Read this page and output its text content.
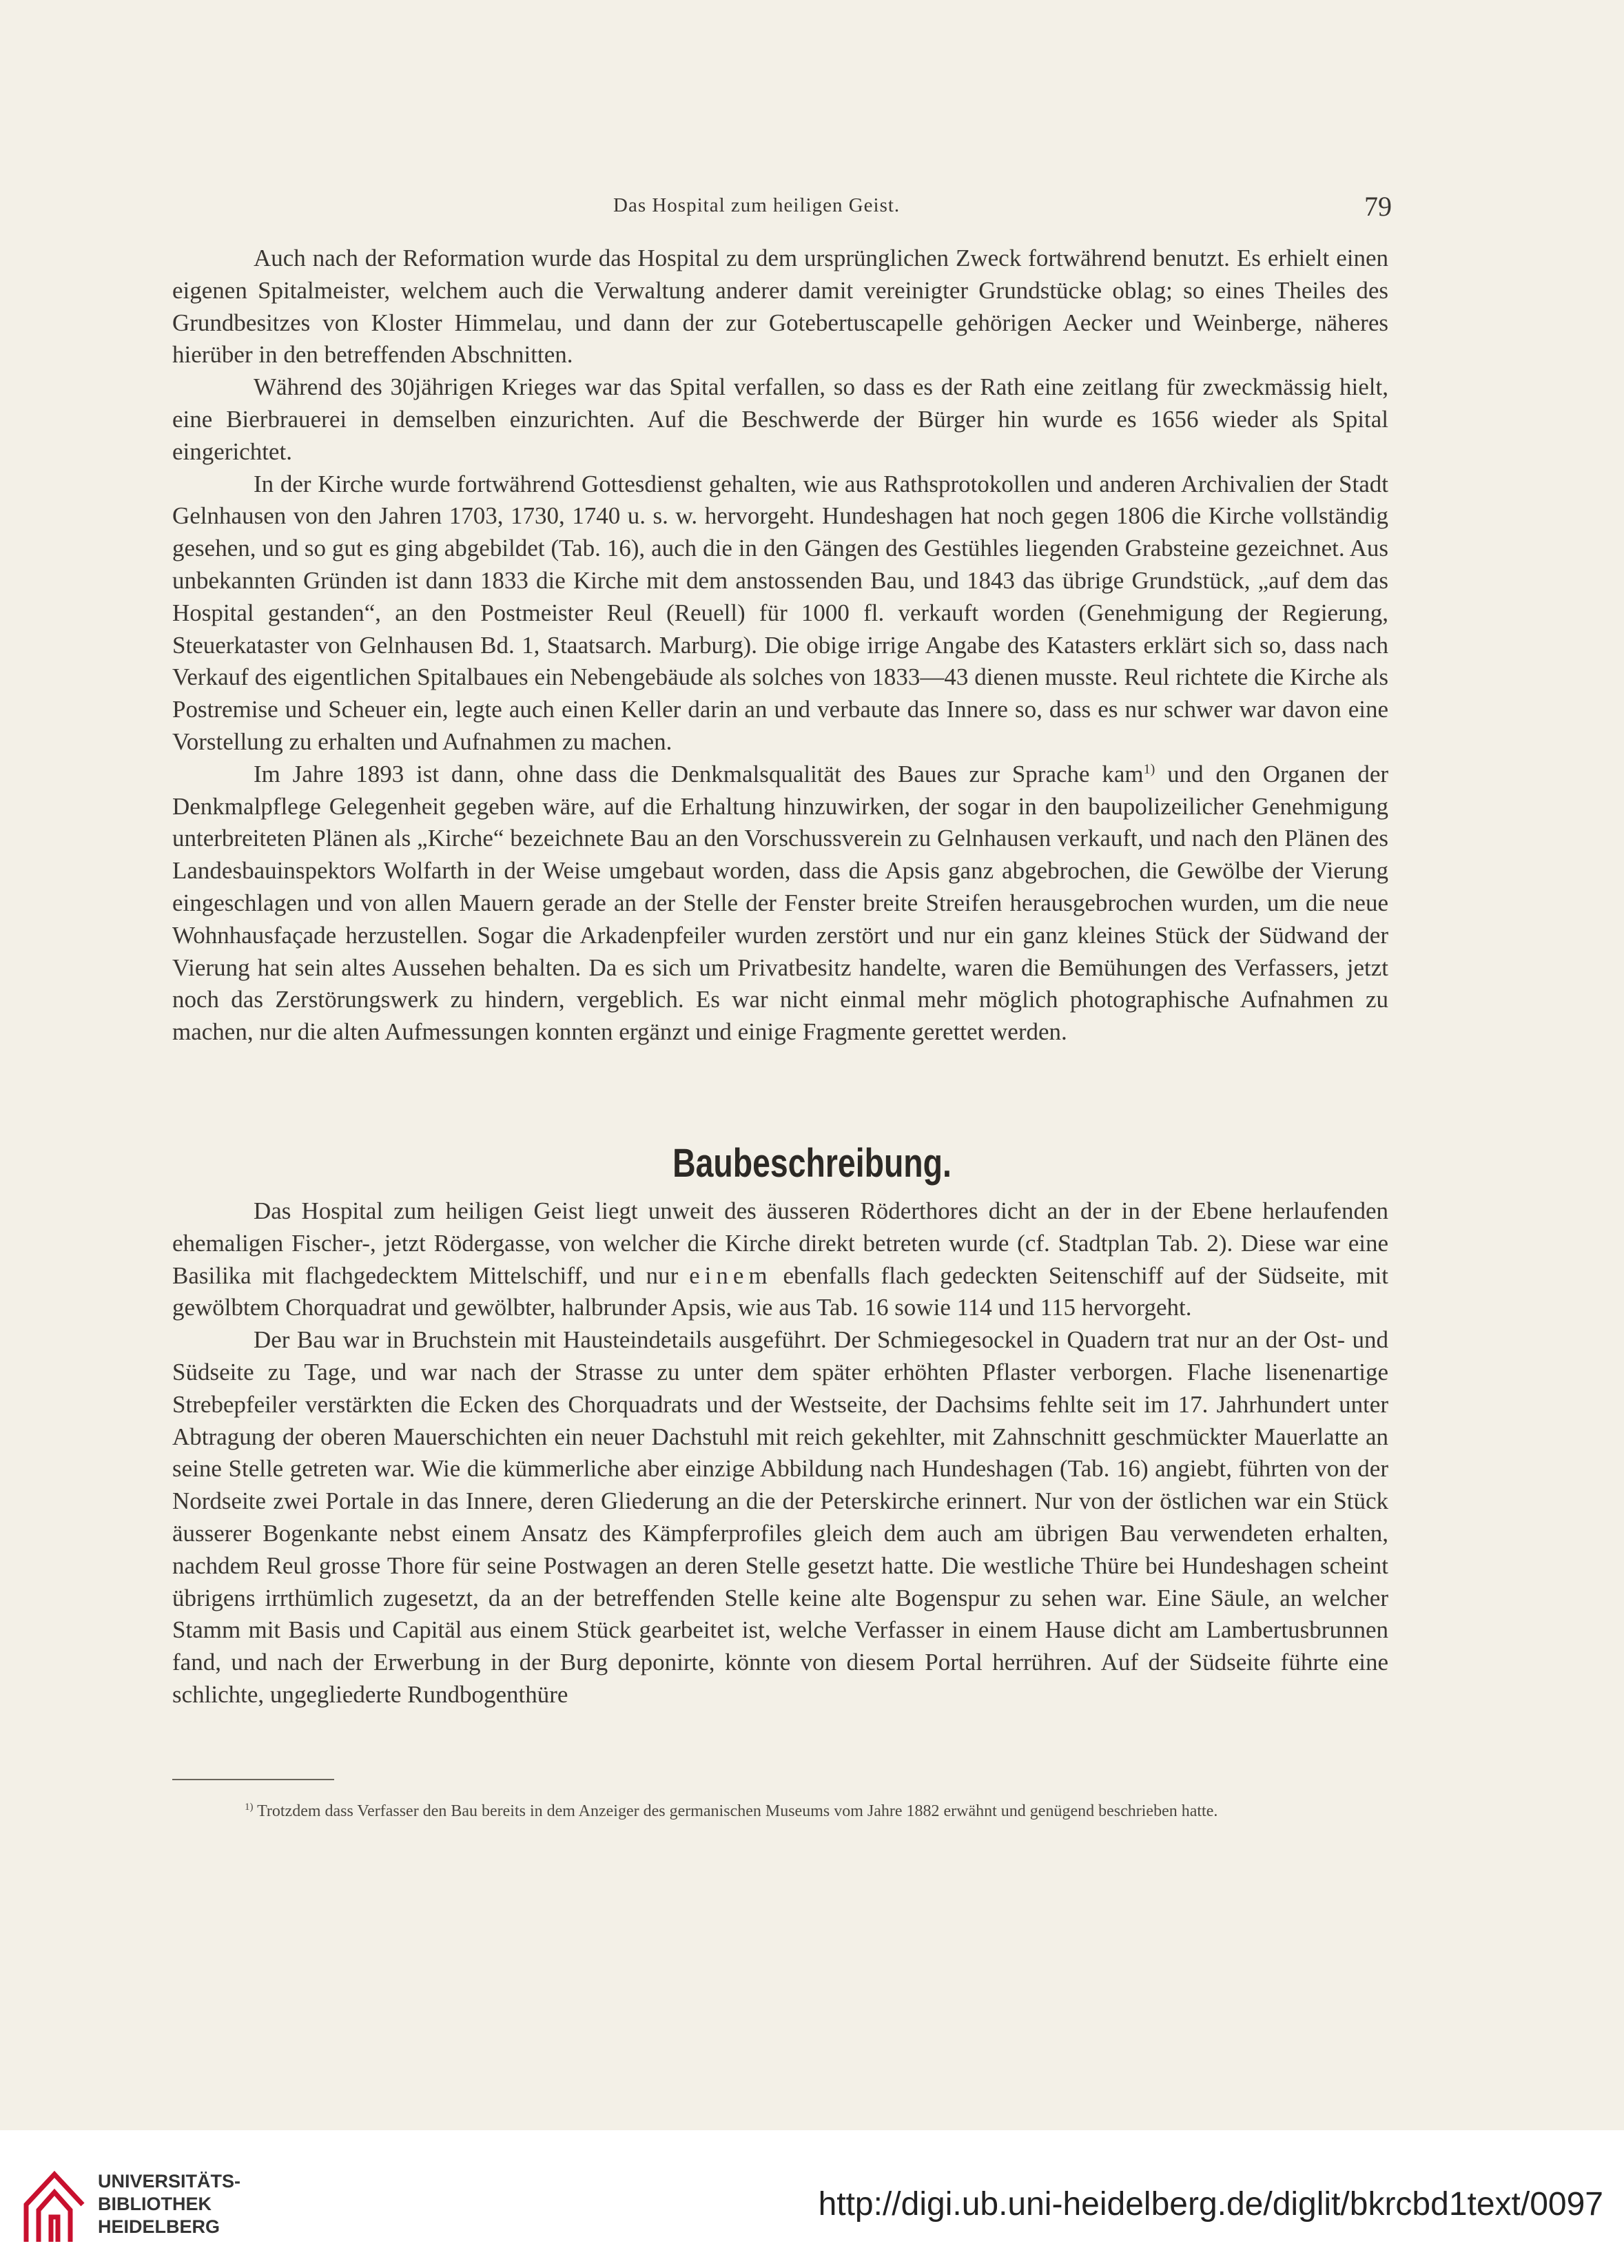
Das Hospital zum heiligen Geist.	79

Auch nach der Reformation wurde das Hospital zu dem ursprünglichen Zweck fortwährend benutzt. Es erhielt einen eigenen Spitalmeister, welchem auch die Verwaltung anderer damit vereinigter Grundstücke oblag; so eines Theiles des Grundbesitzes von Kloster Himmelau, und dann der zur Gotebertuscapelle gehörigen Aecker und Weinberge, näheres hierüber in den betreffenden Abschnitten.

Während des 30jährigen Krieges war das Spital verfallen, so dass es der Rath eine zeitlang für zweckmässig hielt, eine Bierbrauerei in demselben einzurichten. Auf die Beschwerde der Bürger hin wurde es 1656 wieder als Spital eingerichtet.

In der Kirche wurde fortwährend Gottesdienst gehalten, wie aus Rathsprotokollen und anderen Archivalien der Stadt Gelnhausen von den Jahren 1703, 1730, 1740 u. s. w. hervorgeht. Hundeshagen hat noch gegen 1806 die Kirche vollständig gesehen, und so gut es ging abgebildet (Tab. 16), auch die in den Gängen des Gestühles liegenden Grabsteine gezeichnet. Aus unbekannten Gründen ist dann 1833 die Kirche mit dem anstossenden Bau, und 1843 das übrige Grundstück, „auf dem das Hospital gestanden“, an den Postmeister Reul (Reuell) für 1000 fl. verkauft worden (Genehmigung der Regierung, Steuerkataster von Gelnhausen Bd. 1, Staatsarch. Marburg). Die obige irrige Angabe des Katasters erklärt sich so, dass nach Verkauf des eigentlichen Spitalbaues ein Nebengebäude als solches von 1833—43 dienen musste. Reul richtete die Kirche als Postremise und Scheuer ein, legte auch einen Keller darin an und verbaute das Innere so, dass es nur schwer war davon eine Vorstellung zu erhalten und Aufnahmen zu machen.

Im Jahre 1893 ist dann, ohne dass die Denkmalsqualität des Baues zur Sprache kam$^{1)}$ und den Organen der Denkmalpflege Gelegenheit gegeben wäre, auf die Erhaltung hinzuwirken, der sogar in den baupolizeilicher Genehmigung unterbreiteten Plänen als „Kirche“ bezeichnete Bau an den Vorschussverein zu Gelnhausen verkauft, und nach den Plänen des Landesbauinspektors Wolfarth in der Weise umgebaut worden, dass die Apsis ganz abgebrochen, die Gewölbe der Vierung eingeschlagen und von allen Mauern gerade an der Stelle der Fenster breite Streifen herausgebrochen wurden, um die neue Wohnhausfaçade herzustellen. Sogar die Arkadenpfeiler wurden zerstört und nur ein ganz kleines Stück der Südwand der Vierung hat sein altes Aussehen behalten. Da es sich um Privatbesitz handelte, waren die Bemühungen des Verfassers, jetzt noch das Zerstörungswerk zu hindern, vergeblich. Es war nicht einmal mehr möglich photographische Aufnahmen zu machen, nur die alten Aufmessungen konnten ergänzt und einige Fragmente gerettet werden.

Baubeschreibung.

Das Hospital zum heiligen Geist liegt unweit des äusseren Röderthores dicht an der in der Ebene herlaufenden ehemaligen Fischer-, jetzt Rödergasse, von welcher die Kirche direkt betreten wurde (cf. Stadtplan Tab. 2). Diese war eine Basilika mit flachgedecktem Mittelschiff, und nur einem ebenfalls flach gedeckten Seitenschiff auf der Südseite, mit gewölbtem Chorquadrat und gewölbter, halbrunder Apsis, wie aus Tab. 16 sowie 114 und 115 hervorgeht.

Der Bau war in Bruchstein mit Hausteindetails ausgeführt. Der Schmiegesockel in Quadern trat nur an der Ost- und Südseite zu Tage, und war nach der Strasse zu unter dem später erhöhten Pflaster verborgen. Flache lisenenartige Strebepfeiler verstärkten die Ecken des Chorquadrats und der Westseite, der Dachsims fehlte seit im 17. Jahrhundert unter Abtragung der oberen Mauerschichten ein neuer Dachstuhl mit reich gekehlter, mit Zahnschnitt geschmückter Mauerlatte an seine Stelle getreten war. Wie die kümmerliche aber einzige Abbildung nach Hundeshagen (Tab. 16) angiebt, führten von der Nordseite zwei Portale in das Innere, deren Gliederung an die der Peterskirche erinnert. Nur von der östlichen war ein Stück äusserer Bogenkante nebst einem Ansatz des Kämpferprofiles gleich dem auch am übrigen Bau verwendeten erhalten, nachdem Reul grosse Thore für seine Postwagen an deren Stelle gesetzt hatte. Die westliche Thüre bei Hundeshagen scheint übrigens irrthümlich zugesetzt, da an der betreffenden Stelle keine alte Bogenspur zu sehen war. Eine Säule, an welcher Stamm mit Basis und Capitäl aus einem Stück gearbeitet ist, welche Verfasser in einem Hause dicht am Lambertusbrunnen fand, und nach der Erwerbung in der Burg deponirte, könnte von diesem Portal herrühren. Auf der Südseite führte eine schlichte, ungegliederte Rundbogenthüre

$^{1)}$ Trotzdem dass Verfasser den Bau bereits in dem Anzeiger des germanischen Museums vom Jahre 1882 erwähnt und genügend beschrieben hatte.

UNIVERSITÄTS-
BIBLIOTHEK
HEIDELBERG
http://digi.ub.uni-heidelberg.de/diglit/bkrcbd1text/0097
